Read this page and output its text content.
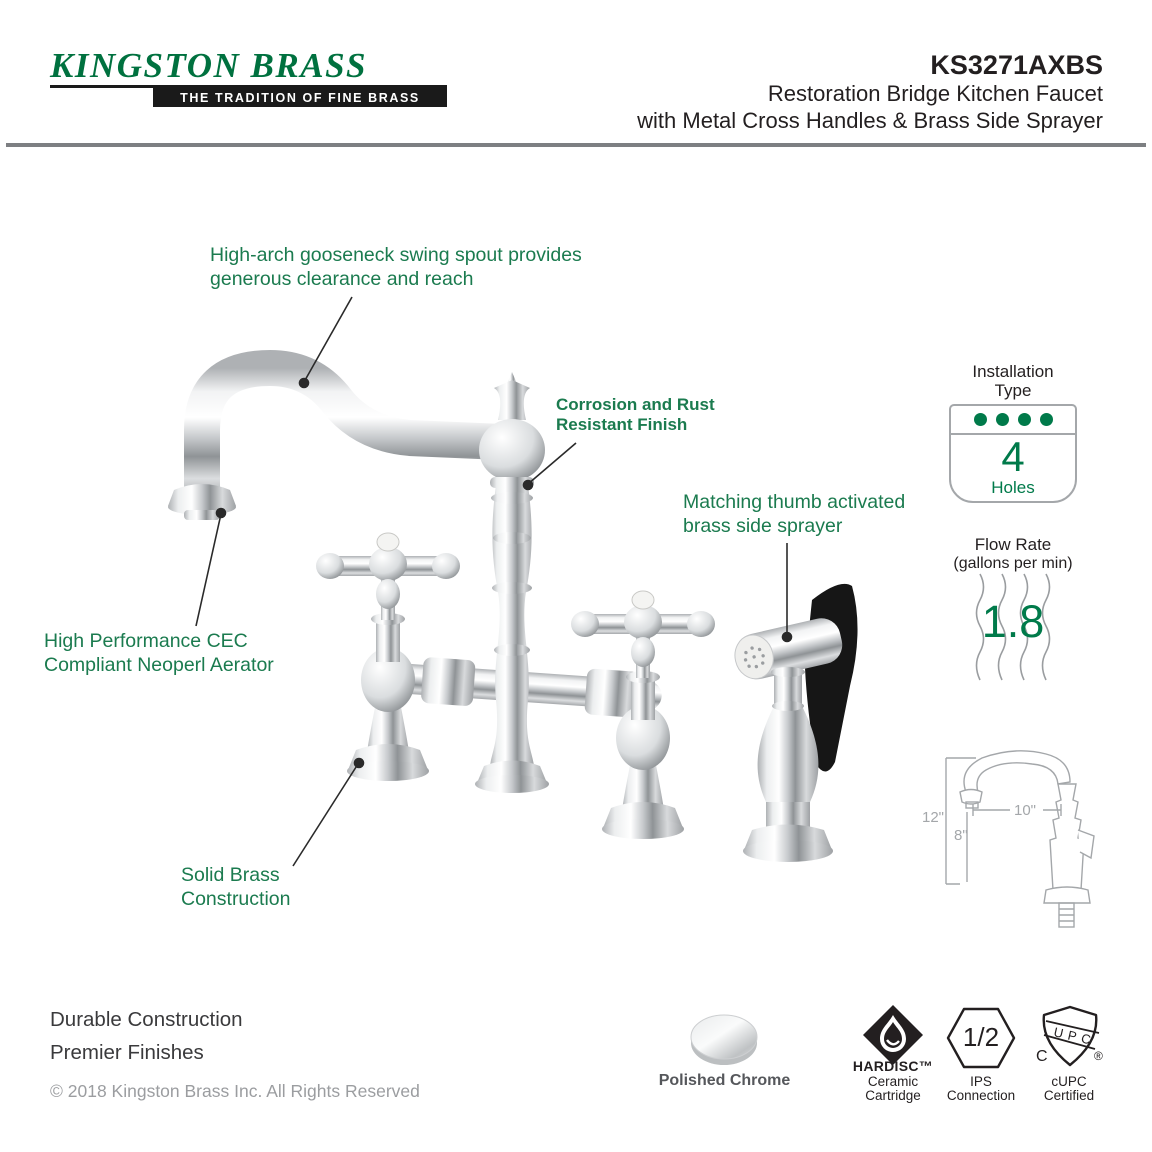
KINGSTON BRASS
THE TRADITION OF FINE BRASS
KS3271AXBS
Restoration Bridge Kitchen Faucet
with Metal Cross Handles & Brass Side Sprayer
High-arch gooseneck swing spout provides
generous clearance and reach
Corrosion and Rust
Resistant Finish
Matching thumb activated
brass side sprayer
High Performance CEC
Compliant Neoperl Aerator
Solid Brass
Construction
Installation
Type
4
Holes
Flow Rate
(gallons per min)
1.8
12"
8"
10"
Durable Construction
Premier Finishes
© 2018 Kingston Brass Inc. All Rights Reserved
Polished Chrome
HARDISC™
Ceramic
Cartridge
1/2
IPS
Connection
UPC
C	®
cUPC
Certified
